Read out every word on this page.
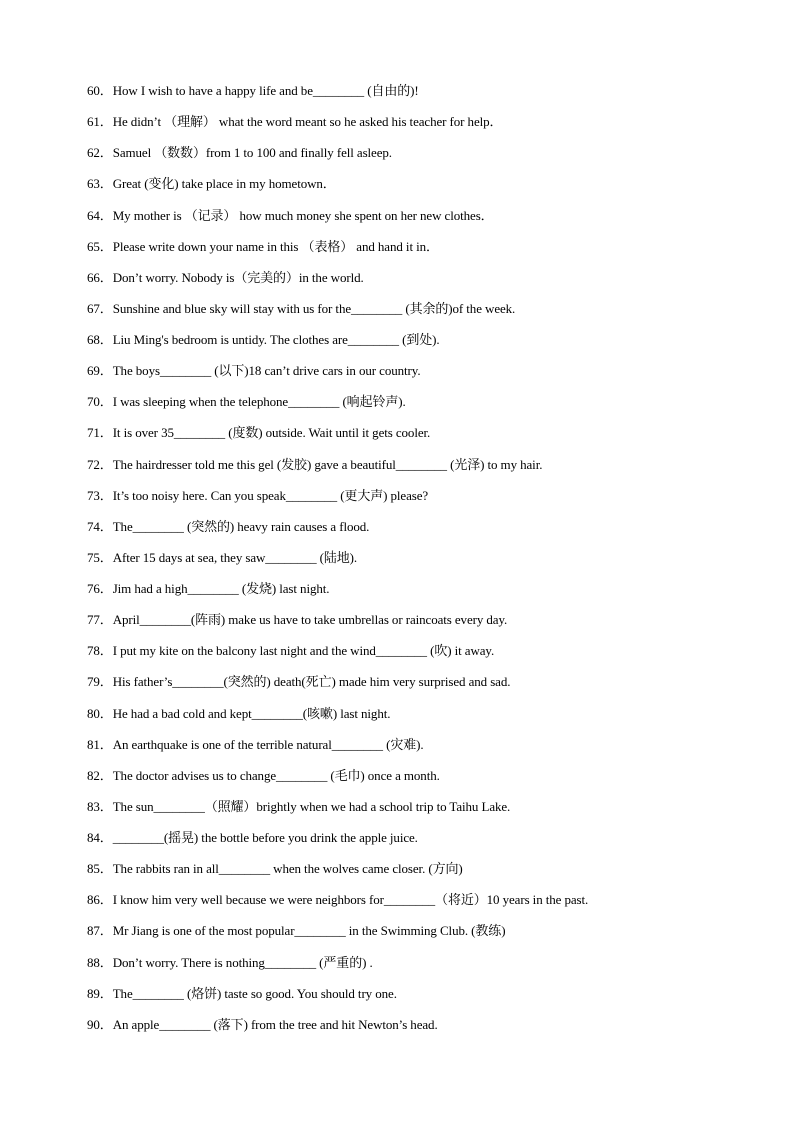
60．How I wish to have a happy life and be________ (自由的)!
61．He didn’t （理解） what the word meant so he asked his teacher for help．
62．Samuel （数数）from 1 to 100 and finally fell asleep.
63．Great (变化) take place in my hometown．
64．My mother is （记录） how much money she spent on her new clothes．
65．Please write down your name in this （表格） and hand it in．
66．Don’t worry. Nobody is（完美的）in the world.
67．Sunshine and blue sky will stay with us for the________ (其余的)of the week.
68．Liu Ming's bedroom is untidy. The clothes are________ (到处).
69．The boys________ (以下)18 can’t drive cars in our country.
70．I was sleeping when the telephone________ (响起铃声).
71．It is over 35________ (度数) outside. Wait until it gets cooler.
72．The hairdresser told me this gel (发胶) gave a beautiful________ (光泽) to my hair.
73．It’s too noisy here. Can you speak________ (更大声) please?
74．The________ (突然的) heavy rain causes a flood.
75．After 15 days at sea, they saw________ (陆地).
76．Jim had a high________ (发烧) last night.
77．April________(阵雨) make us have to take umbrellas or raincoats every day.
78．I put my kite on the balcony last night and the wind________ (吹) it away.
79．His father’s________(突然的) death(死亡) made him very surprised and sad.
80．He had a bad cold and kept________(咳嗽) last night.
81．An earthquake is one of the terrible natural________ (灾难).
82．The doctor advises us to change________ (毛巾) once a month.
83．The sun________（照耀）brightly when we had a school trip to Taihu Lake.
84．________(摇晃) the bottle before you drink the apple juice.
85．The rabbits ran in all________ when the wolves came closer. (方向)
86．I know him very well because we were neighbors for________（将近）10 years in the past.
87．Mr Jiang is one of the most popular________ in the Swimming Club. (教练)
88．Don’t worry. There is nothing________ (严重的) .
89．The________ (烙饼) taste so good. You should try one.
90．An apple________ (落下) from the tree and hit Newton’s head.
